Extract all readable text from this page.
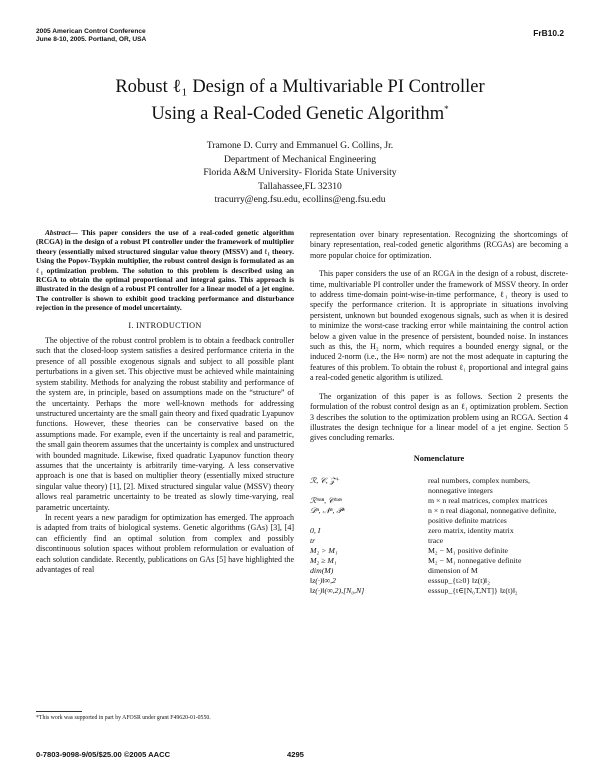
2005 American Control Conference
June 8-10, 2005. Portland, OR, USA
FrB10.2
Robust ℓ₁ Design of a Multivariable PI Controller
Using a Real-Coded Genetic Algorithm*
Tramone D. Curry and Emmanuel G. Collins, Jr.
Department of Mechanical Engineering
Florida A&M University- Florida State University
Tallahassee,FL 32310
tracurry@eng.fsu.edu, ecollins@eng.fsu.edu

Abstract— This paper considers the use of a real-coded genetic algorithm (RCGA) in the design of a robust PI controller under the framework of multiplier theory (essentially mixed structured singular value theory (MSSV) and ℓ₁ theory. Using the Popov-Tsypkin multiplier, the robust control design is formulated as an ℓ₁ optimization problem. The solution to this problem is described using an RCGA to obtain the optimal proportional and integral gains. This approach is illustrated in the design of a robust PI controller for a linear model of a jet engine. The controller is shown to exhibit good tracking performance and disturbance rejection in the presence of model uncertainty.

I. INTRODUCTION

The objective of the robust control problem is to obtain a feedback controller such that the closed-loop system satisfies a desired performance criteria in the presence of all possible exogenous signals and subject to all possible plant perturbations in a given set. This objective must be achieved while maintaining system stability. Methods for analyzing the robust stability and performance of the system are, in principle, based on assumptions made on the “structure” of the uncertainty. Perhaps the more well-known methods for addressing unstructured uncertainty are the small gain theory and fixed quadratic Lyapunov functions. However, these theories can be conservative based on the assumptions made. For example, even if the uncertainty is real and parametric, the small gain theorem assumes that the uncertainty is complex and unstructured with bounded magnitude. Likewise, fixed quadratic Lyapunov function theory assumes that the uncertainty is arbitrarily time-varying. A less conservative approach is one that is based on multiplier theory (essentially mixed structure singular value theory) [1], [2]. Mixed structured singular value (MSSV) theory allows real parametric uncertainty to be treated as slowly time-varying, real parametric uncertainty.

In recent years a new paradigm for optimization has emerged. The approach is adapted from traits of biological systems. Genetic algorithms (GAs) [3], [4] can efficiently find an optimal solution from complex and possibly discontinuous solution spaces without problem reformulation or evaluation of each solution candidate. Recently, publications on GAs [5] have highlighted the advantages of real

*This work was supported in part by AFOSR under grant F49620-01-0550.

representation over binary representation. Recognizing the shortcomings of binary representation, real-coded genetic algorithms (RCGAs) are becoming a more popular choice for optimization.

This paper considers the use of an RCGA in the design of a robust, discrete-time, multivariable PI controller under the framework of MSSV theory. In order to address time-domain point-wise-in-time performance, ℓ₁ theory is used to specify the performance criterion. It is appropriate in situations involving persistent, unknown but bounded exogenous signals, such as when it is desired to minimize the worst-case tracking error while maintaining the control action below a given value in the presence of persistent, bounded noise. In instances such as this, the H₂ norm, which requires a bounded energy signal, or the induced 2-norm (i.e., the H∞ norm) are not the most adequate in capturing the features of this problem. To obtain the robust ℓ₁ proportional and integral gains a real-coded genetic algorithm is utilized.

The organization of this paper is as follows. Section 2 presents the formulation of the robust control design as an ℓ₁ optimization problem. Section 3 describes the solution to the optimization problem using an RCGA. Section 4 illustrates the design technique for a linear model of a jet engine. Section 5 gives concluding remarks.

Nomenclature
ℛ, 𝒞, 𝒵⁺	real numbers, complex numbers, nonnegative integers
ℛᵐˣⁿ, 𝒞ᵐˣⁿ	m × n real matrices, complex matrices
𝒟ⁿ, 𝒩ⁿ, 𝒫ⁿ	n × n real diagonal, nonnegative definite, positive definite matrices
0, I	zero matrix, identity matrix
tr	trace
M₂ > M₁	M₂ − M₁ positive definite
M₂ ≥ M₁	M₂ − M₁ nonnegative definite
dim(M)	dimension of M
‖z(·)‖∞,2	esssup_{t≥0} ‖z(t)‖₂
‖z(·)‖(∞,2),[N₀,N]	esssup_{t∈[N₀T,NT]} ‖z(t)‖₂
0-7803-9098-9/05/$25.00 ©2005 AACC	4295
